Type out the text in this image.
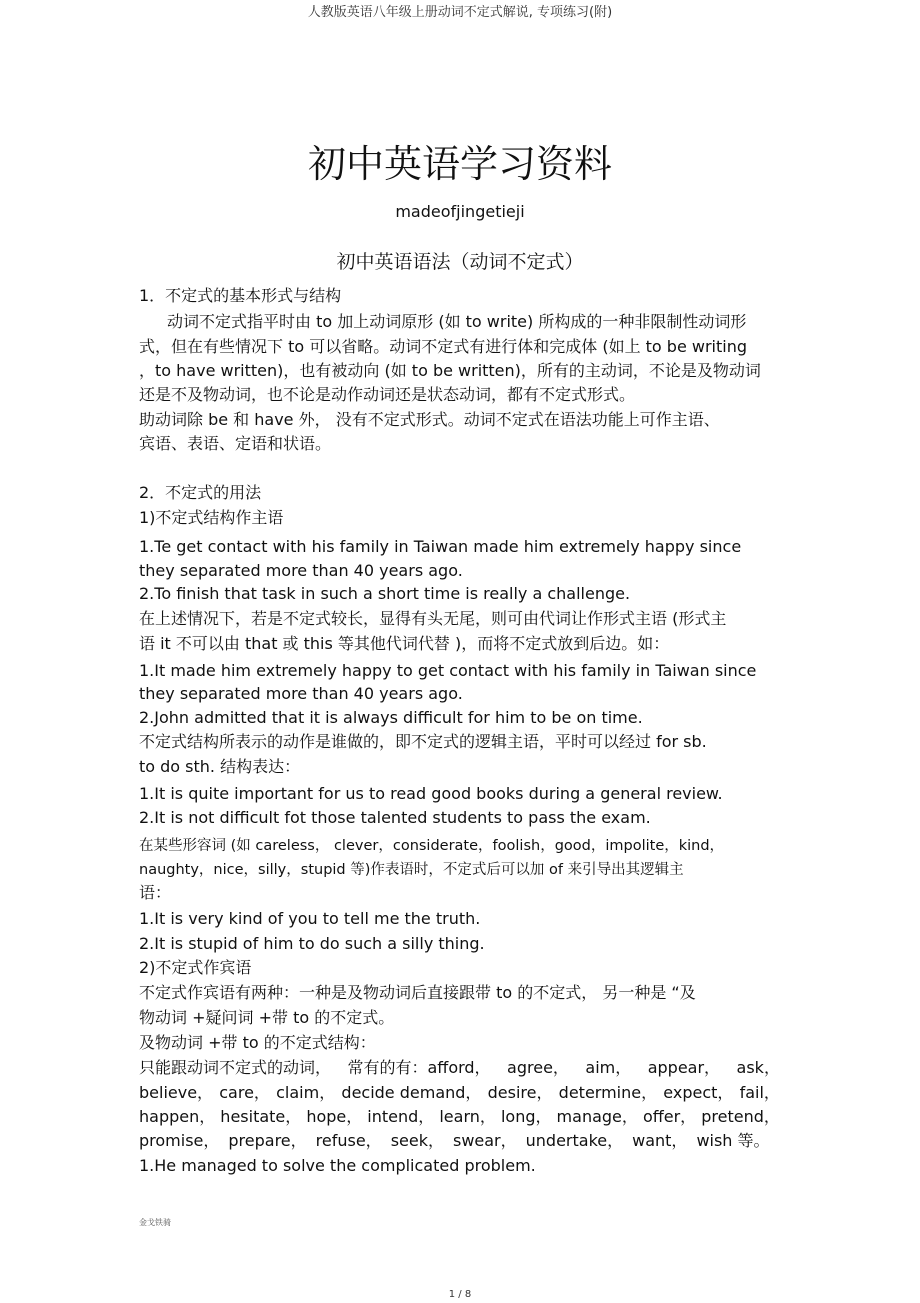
人教版英语八年级上册动词不定式解说, 专项练习(附)
初中英语学习资料
madeofjingetieji
初中英语语法（动词不定式）
1．不定式的基本形式与结构
动词不定式指平时由 to 加上动词原形 (如 to write) 所构成的一种非限制性动词形
式，但在有些情况下 to 可以省略。动词不定式有进行体和完成体 (如上 to be writing
，to have written)，也有被动向 (如 to be written)，所有的主动词，不论是及物动词
还是不及物动词，也不论是动作动词还是状态动词，都有不定式形式。
助动词除 be 和 have 外， 没有不定式形式。动词不定式在语法功能上可作主语、
宾语、表语、定语和状语。
2．不定式的用法
1)不定式结构作主语
1.Te get contact with his family in Taiwan made him extremely happy since
they separated more than 40 years ago.
2.To finish that task in such a short time is really a challenge.
在上述情况下，若是不定式较长，显得有头无尾，则可由代词让作形式主语 (形式主
语 it 不可以由 that 或 this 等其他代词代替 )，而将不定式放到后边。如：
1.It made him extremely happy to get contact with his family in Taiwan since
they separated more than 40 years ago.
2.John admitted that it is always difficult for him to be on time.
不定式结构所表示的动作是谁做的，即不定式的逻辑主语，平时可以经过 for sb.
to do sth. 结构表达：
1.It is quite important for us to read good books during a general review.
2.It is not difficult fot those talented students to pass the exam.
在某些形容词 (如 careless， clever，considerate，foolish，good，impolite，kind，
naughty，nice，silly，stupid 等)作表语时，不定式后可以加 of 来引导出其逻辑主
语：
1.It is very kind of you to tell me the truth.
2.It is stupid of him to do such a silly thing.
2)不定式作宾语
不定式作宾语有两种：一种是及物动词后直接跟带 to 的不定式， 另一种是 “及
物动词 +疑问词 +带 to 的不定式。
及物动词 +带 to 的不定式结构：
只能跟动词不定式的动词， 常有的有：afford， agree， aim， appear， ask，
believe， care， claim， decide demand， desire， determine， expect， fail，
happen， hesitate， hope， intend， learn， long， manage， offer， pretend，
promise， prepare， refuse， seek， swear， undertake， want， wish 等。
1.He managed to solve the complicated problem.
金戈铁骑
1 / 8
